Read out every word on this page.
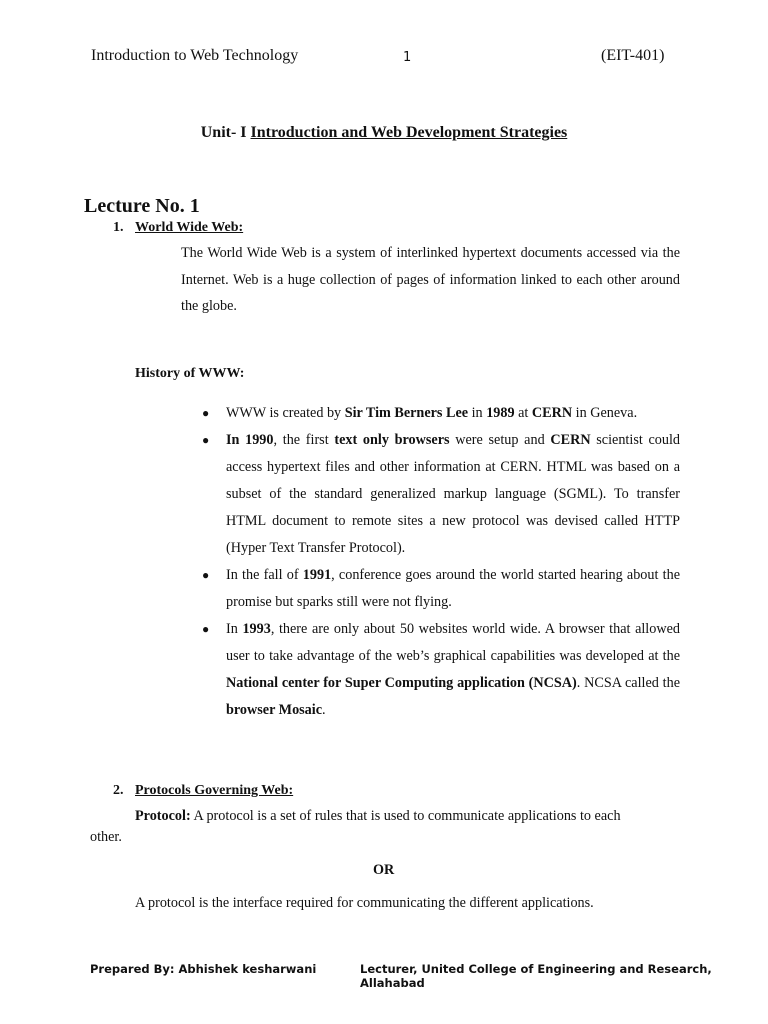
Introduction to Web Technology	1	(EIT-401)
Unit- I Introduction and Web Development Strategies
Lecture No. 1
1. World Wide Web:
The World Wide Web is a system of interlinked hypertext documents accessed via the Internet. Web is a huge collection of pages of information linked to each other around the globe.
History of WWW:
● WWW is created by Sir Tim Berners Lee in 1989 at CERN in Geneva.
● In 1990, the first text only browsers were setup and CERN scientist could access hypertext files and other information at CERN. HTML was based on a subset of the standard generalized markup language (SGML). To transfer HTML document to remote sites a new protocol was devised called HTTP (Hyper Text Transfer Protocol).
● In the fall of 1991, conference goes around the world started hearing about the promise but sparks still were not flying.
● In 1993, there are only about 50 websites world wide. A browser that allowed user to take advantage of the web’s graphical capabilities was developed at the National center for Super Computing application (NCSA). NCSA called the browser Mosaic.
2. Protocols Governing Web:
Protocol: A protocol is a set of rules that is used to communicate applications to each
other.
OR
A protocol is the interface required for communicating the different applications.
Prepared By: Abhishek kesharwani	Lecturer, United College of Engineering and Research, Allahabad
